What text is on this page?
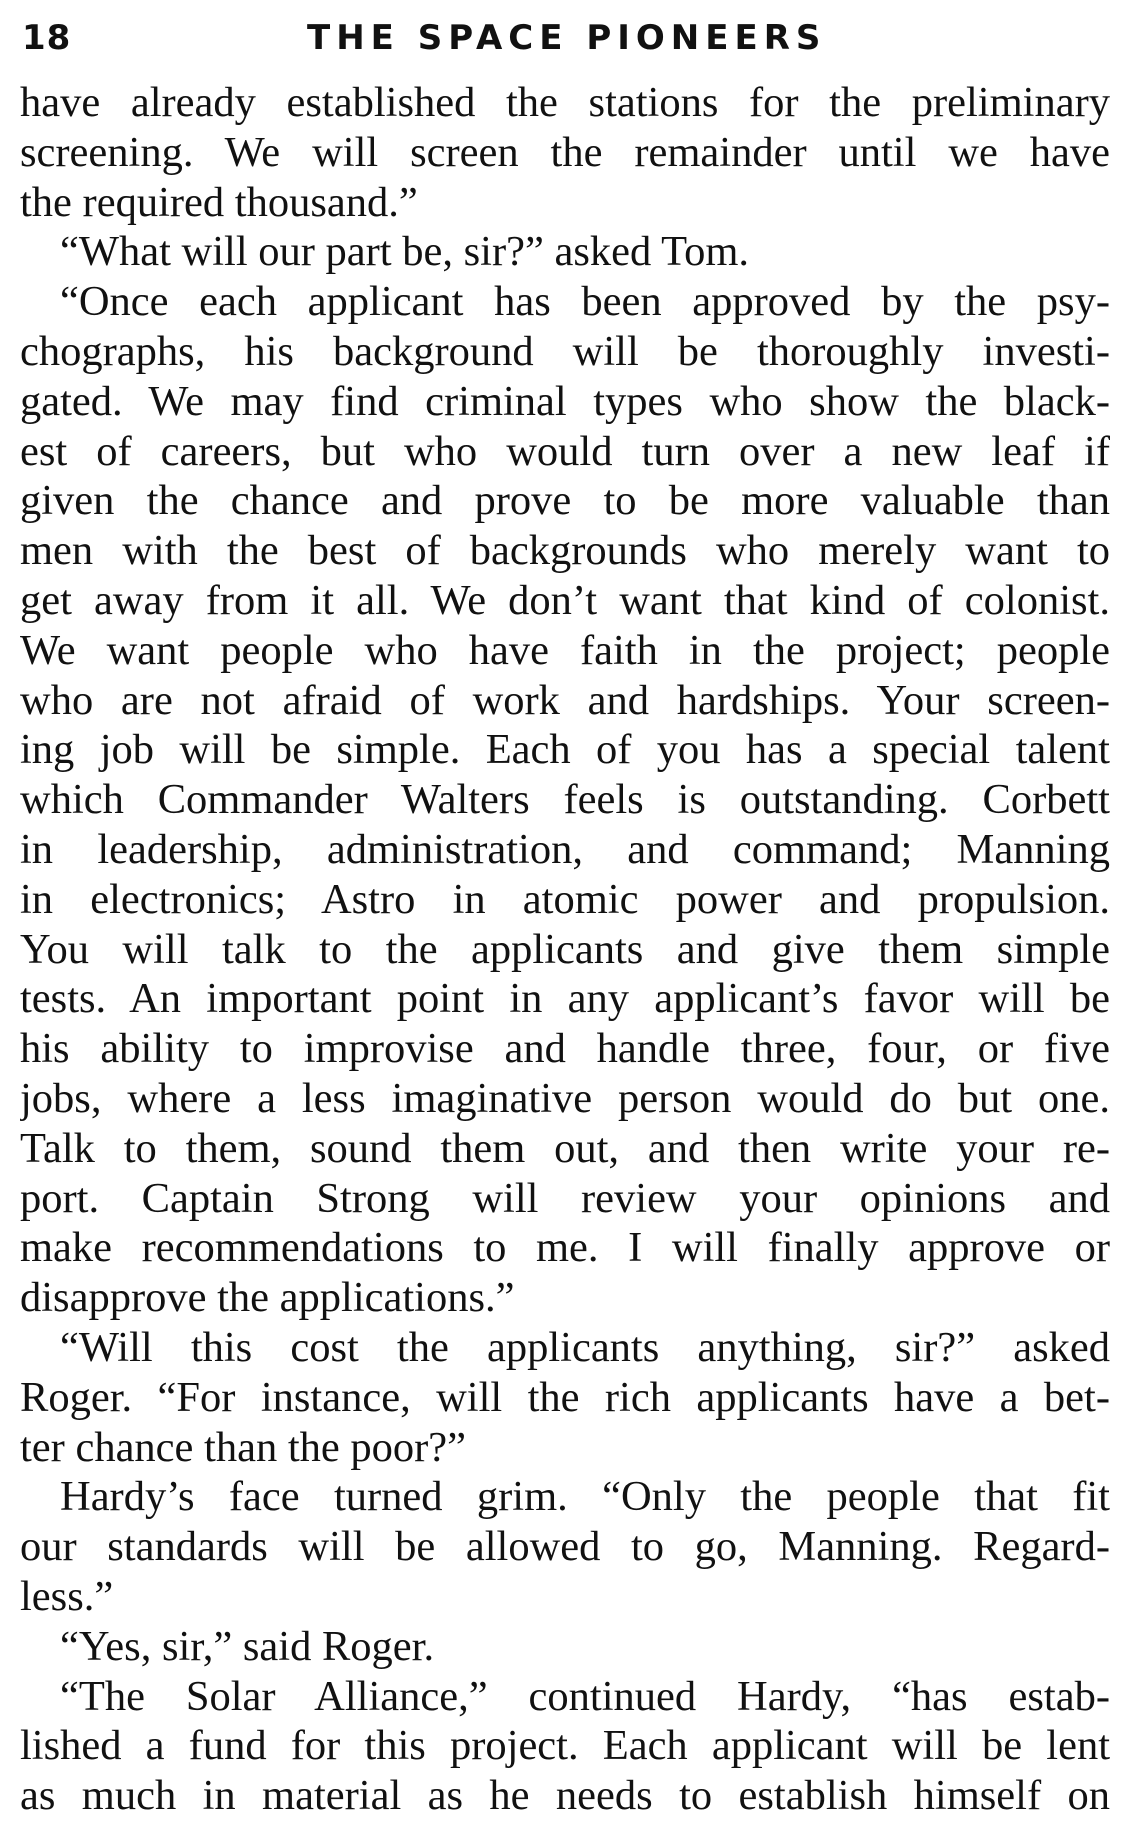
18	THE SPACE PIONEERS
have already established the stations for the preliminary
screening. We will screen the remainder until we have
the required thousand.”
“What will our part be, sir?” asked Tom.
“Once each applicant has been approved by the psy-
chographs, his background will be thoroughly investi-
gated. We may find criminal types who show the black-
est of careers, but who would turn over a new leaf if
given the chance and prove to be more valuable than
men with the best of backgrounds who merely want to
get away from it all. We don’t want that kind of colonist.
We want people who have faith in the project; people
who are not afraid of work and hardships. Your screen-
ing job will be simple. Each of you has a special talent
which Commander Walters feels is outstanding. Corbett
in leadership, administration, and command; Manning
in electronics; Astro in atomic power and propulsion.
You will talk to the applicants and give them simple
tests. An important point in any applicant’s favor will be
his ability to improvise and handle three, four, or five
jobs, where a less imaginative person would do but one.
Talk to them, sound them out, and then write your re-
port. Captain Strong will review your opinions and
make recommendations to me. I will finally approve or
disapprove the applications.”
“Will this cost the applicants anything, sir?” asked
Roger. “For instance, will the rich applicants have a bet-
ter chance than the poor?”
Hardy’s face turned grim. “Only the people that fit
our standards will be allowed to go, Manning. Regard-
less.”
“Yes, sir,” said Roger.
“The Solar Alliance,” continued Hardy, “has estab-
lished a fund for this project. Each applicant will be lent
as much in material as he needs to establish himself on
